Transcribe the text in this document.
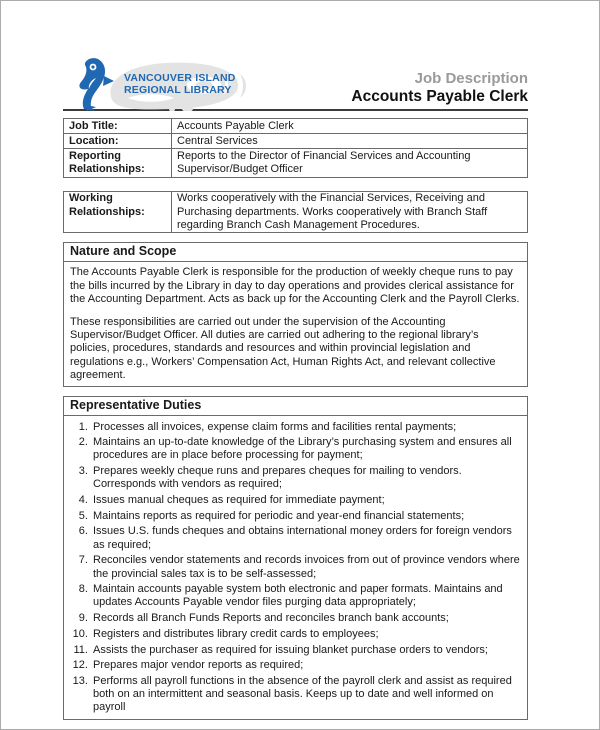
VANCOUVER ISLAND
REGIONAL LIBRARY
Job Description
Accounts Payable Clerk
Job Title:	Accounts Payable Clerk
Location:	Central Services
Reporting Relationships:	Reports to the Director of Financial Services and Accounting Supervisor/Budget Officer
Working Relationships:	Works cooperatively with the Financial Services, Receiving and Purchasing departments. Works cooperatively with Branch Staff regarding Branch Cash Management Procedures.
Nature and Scope

The Accounts Payable Clerk is responsible for the production of weekly cheque runs to pay the bills incurred by the Library in day to day operations and provides clerical assistance for the Accounting Department. Acts as back up for the Accounting Clerk and the Payroll Clerks.

These responsibilities are carried out under the supervision of the Accounting Supervisor/Budget Officer. All duties are carried out adhering to the regional library’s policies, procedures, standards and resources and within provincial legislation and regulations e.g., Workers’ Compensation Act, Human Rights Act, and relevant collective agreement.

Representative Duties
1. Processes all invoices, expense claim forms and facilities rental payments;
2. Maintains an up-to-date knowledge of the Library’s purchasing system and ensures all procedures are in place before processing for payment;
3. Prepares weekly cheque runs and prepares cheques for mailing to vendors. Corresponds with vendors as required;
4. Issues manual cheques as required for immediate payment;
5. Maintains reports as required for periodic and year-end financial statements;
6. Issues U.S. funds cheques and obtains international money orders for foreign vendors as required;
7. Reconciles vendor statements and records invoices from out of province vendors where the provincial sales tax is to be self-assessed;
8. Maintain accounts payable system both electronic and paper formats. Maintains and updates Accounts Payable vendor files purging data appropriately;
9. Records all Branch Funds Reports and reconciles branch bank accounts;
10. Registers and distributes library credit cards to employees;
11. Assists the purchaser as required for issuing blanket purchase orders to vendors;
12. Prepares major vendor reports as required;
13. Performs all payroll functions in the absence of the payroll clerk and assist as required both on an intermittent and seasonal basis. Keeps up to date and well informed on payroll
